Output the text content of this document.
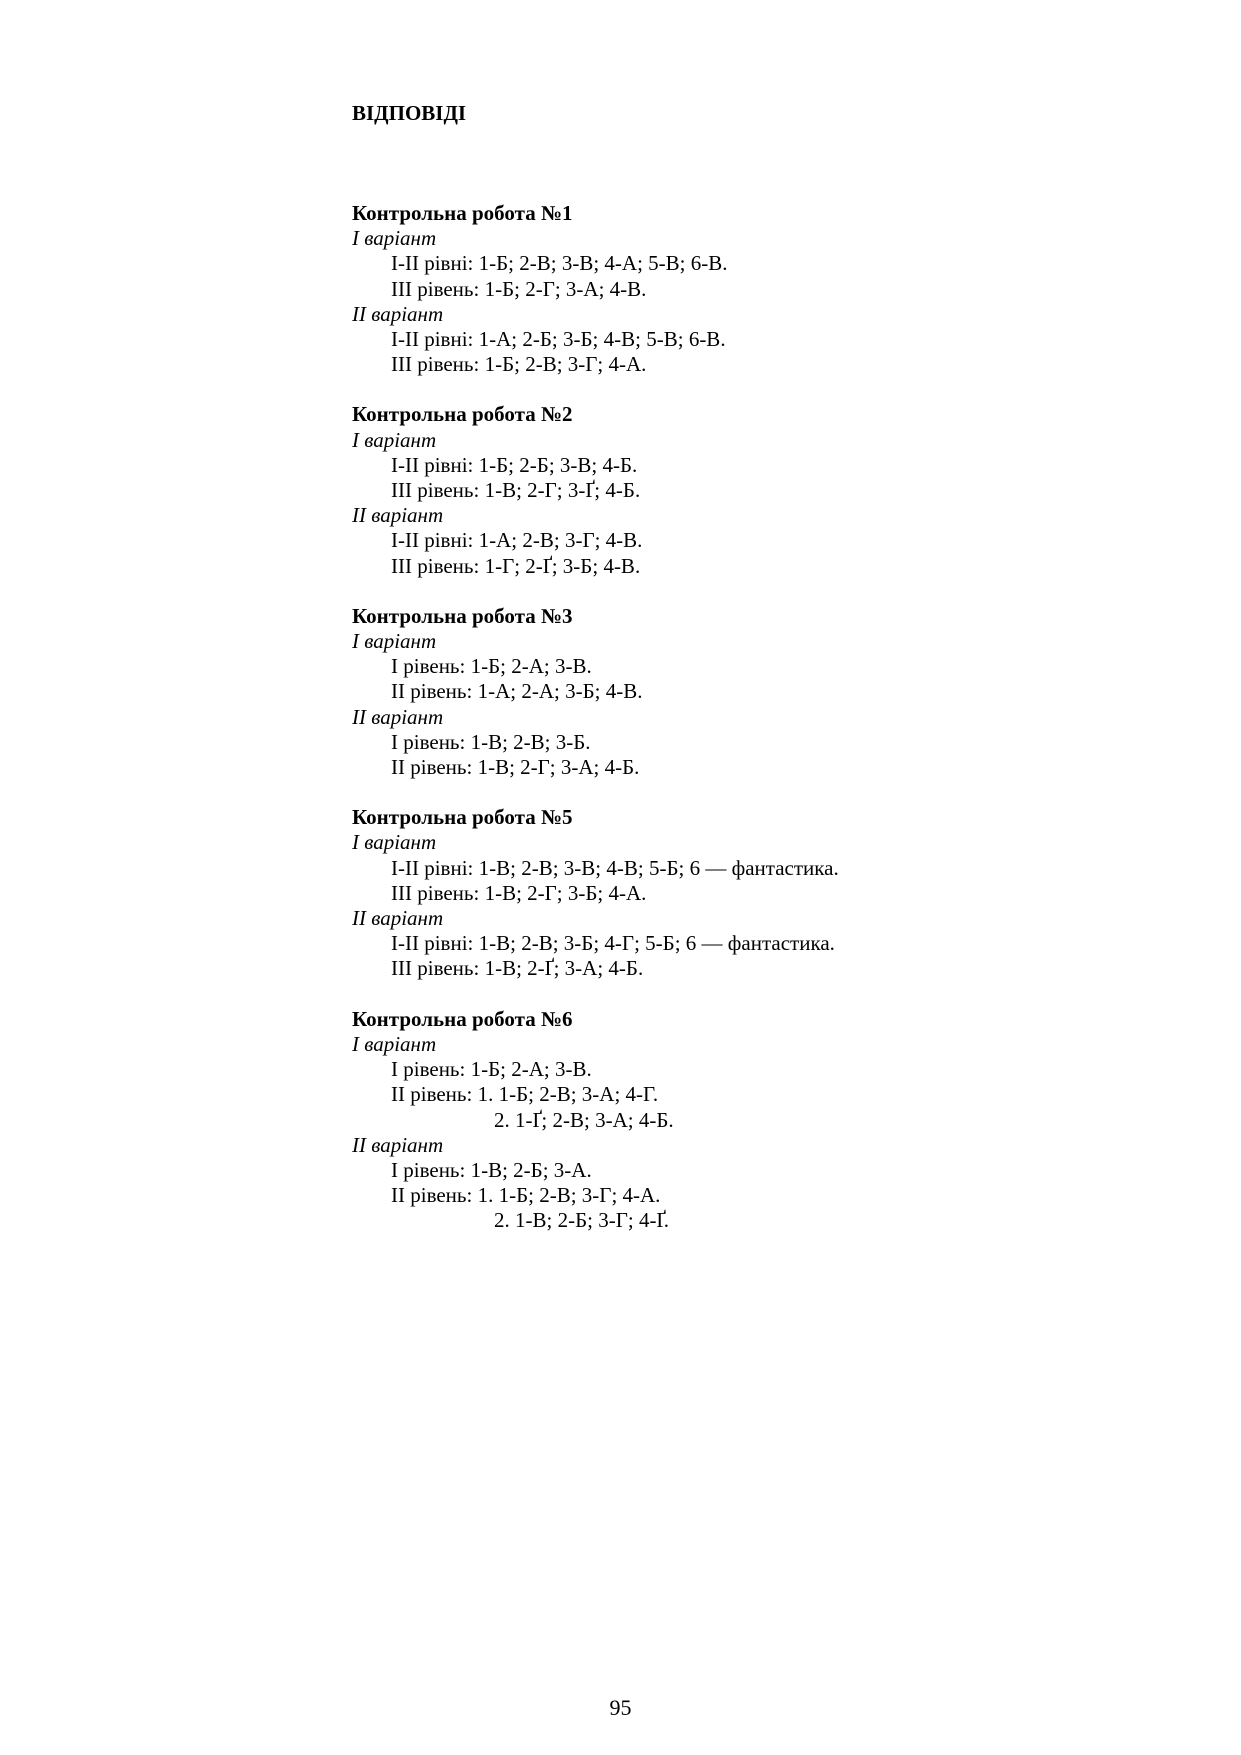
ВІДПОВІДІ
Контрольна робота №1
I варіант
І-ІІ рівні: 1-Б; 2-В; 3-В; 4-А; 5-В; 6-В.
ІІІ рівень: 1-Б; 2-Г; 3-А; 4-В.
II варіант
І-ІІ рівні: 1-А; 2-Б; 3-Б; 4-В; 5-В; 6-В.
ІІІ рівень: 1-Б; 2-В; 3-Г; 4-А.
Контрольна робота №2
I варіант
І-ІІ рівні: 1-Б; 2-Б; 3-В; 4-Б.
ІІІ рівень: 1-В; 2-Г; 3-Ґ; 4-Б.
II варіант
І-ІІ рівні: 1-А; 2-В; 3-Г; 4-В.
ІІІ рівень: 1-Г; 2-Ґ; 3-Б; 4-В.
Контрольна робота №3
I варіант
І рівень: 1-Б; 2-А; 3-В.
ІІ рівень: 1-А; 2-А; 3-Б; 4-В.
II варіант
І рівень: 1-В; 2-В; 3-Б.
ІІ рівень: 1-В; 2-Г; 3-А; 4-Б.
Контрольна робота №5
I варіант
І-ІІ рівні: 1-В; 2-В; 3-В; 4-В; 5-Б; 6 — фантастика.
ІІІ рівень: 1-В; 2-Г; 3-Б; 4-А.
II варіант
І-ІІ рівні: 1-В; 2-В; 3-Б; 4-Г; 5-Б; 6 — фантастика.
ІІІ рівень: 1-В; 2-Ґ; 3-А; 4-Б.
Контрольна робота №6
I варіант
І рівень: 1-Б; 2-А; 3-В.
ІІ рівень: 1. 1-Б; 2-В; 3-А; 4-Г.
2. 1-Ґ; 2-В; 3-А; 4-Б.
II варіант
І рівень: 1-В; 2-Б; 3-А.
ІІ рівень: 1. 1-Б; 2-В; 3-Г; 4-А.
2. 1-В; 2-Б; 3-Г; 4-Ґ.
95
